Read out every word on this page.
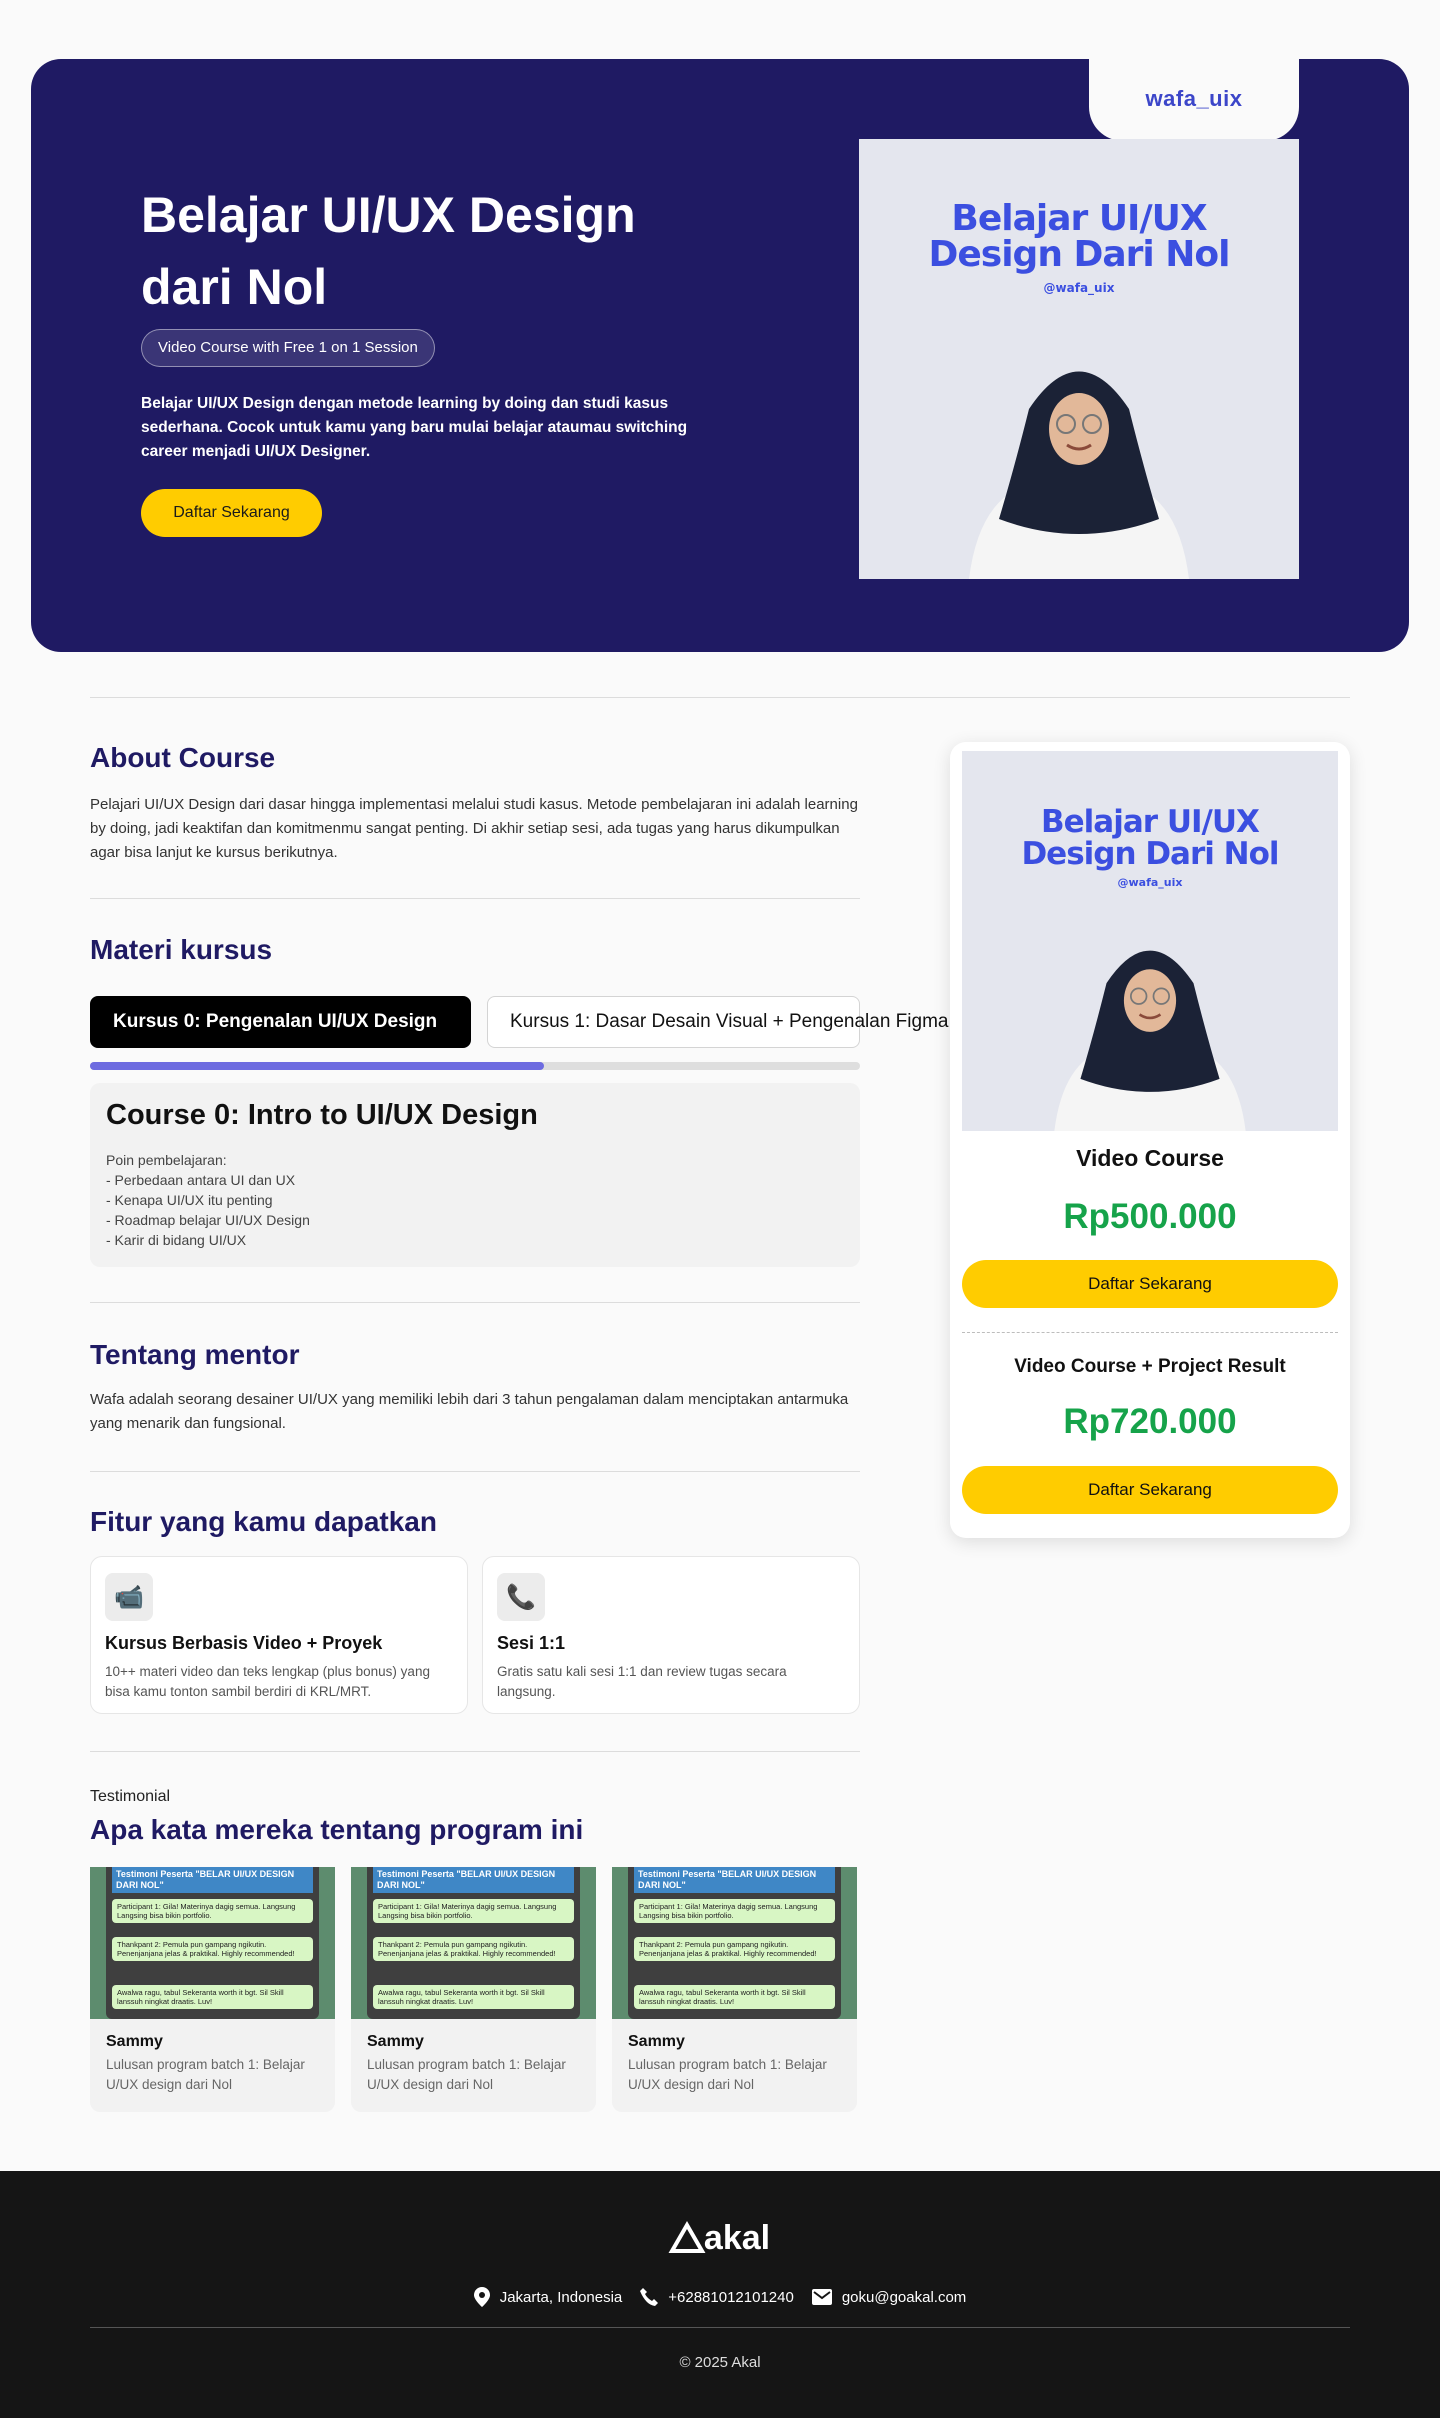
wafa_uix
Belajar UI/UX Design
dari Nol
Video Course with Free 1 on 1 Session

Belajar UI/UX Design dengan metode learning by doing dan studi kasus sederhana. Cocok untuk kamu yang baru mulai belajar ataumau switching career menjadi UI/UX Designer.

Daftar Sekarang
Belajar UI/UX
Design Dari Nol
@wafa_uix
About Course

Pelajari UI/UX Design dari dasar hingga implementasi melalui studi kasus. Metode pembelajaran ini adalah learning by doing, jadi keaktifan dan komitmenmu sangat penting. Di akhir setiap sesi, ada tugas yang harus dikumpulkan agar bisa lanjut ke kursus berikutnya.

Materi kursus
Kursus 0: Pengenalan UI/UX Design	Kursus 1: Dasar Desain Visual + Pengenalan Figma
Course 0: Intro to UI/UX Design

Poin pembelajaran:

- Perbedaan antara UI dan UX

- Kenapa UI/UX itu penting

- Roadmap belajar UI/UX Design

- Karir di bidang UI/UX

Tentang mentor

Wafa adalah seorang desainer UI/UX yang memiliki lebih dari 3 tahun pengalaman dalam menciptakan antarmuka yang menarik dan fungsional.

Fitur yang kamu dapatkan
📹
Kursus Berbasis Video + Proyek

10++ materi video dan teks lengkap (plus bonus) yang bisa kamu tonton sambil berdiri di KRL/MRT.

📞
Sesi 1:1

Gratis satu kali sesi 1:1 dan review tugas secara langsung.

Testimonial
Apa kata mereka tentang program ini
Testimoni Peserta "BELAR UI/UX DESIGN DARI NOL"
Participant 1: Gila! Materinya dagig semua. Langsung Langsing bisa bikin portfolio.
Thankpant 2: Pemula pun gampang ngikutin. Penenjanjana jelas & praktikal. Highly recommended!
Awalwa ragu, tabul Sekeranta worth it bgt. Sil Skill lanssuh ningkat draatis. Luv!
Sammy
Lulusan program batch 1: Belajar U/UX design dari Nol
Testimoni Peserta "BELAR UI/UX DESIGN DARI NOL"
Participant 1: Gila! Materinya dagig semua. Langsung Langsing bisa bikin portfolio.
Thankpant 2: Pemula pun gampang ngikutin. Penenjanjana jelas & praktikal. Highly recommended!
Awalwa ragu, tabul Sekeranta worth it bgt. Sil Skill lanssuh ningkat draatis. Luv!
Sammy
Lulusan program batch 1: Belajar U/UX design dari Nol
Testimoni Peserta "BELAR UI/UX DESIGN DARI NOL"
Participant 1: Gila! Materinya dagig semua. Langsung Langsing bisa bikin portfolio.
Thankpant 2: Pemula pun gampang ngikutin. Penenjanjana jelas & praktikal. Highly recommended!
Awalwa ragu, tabul Sekeranta worth it bgt. Sil Skill lanssuh ningkat draatis. Luv!
Sammy
Lulusan program batch 1: Belajar U/UX design dari Nol
Belajar UI/UX
Design Dari Nol
@wafa_uix
Video Course
Rp500.000
Daftar Sekarang
Video Course + Project Result
Rp720.000
Daftar Sekarang
akal
Jakarta, Indonesia	+62881012101240	goku@goakal.com
© 2025 Akal
